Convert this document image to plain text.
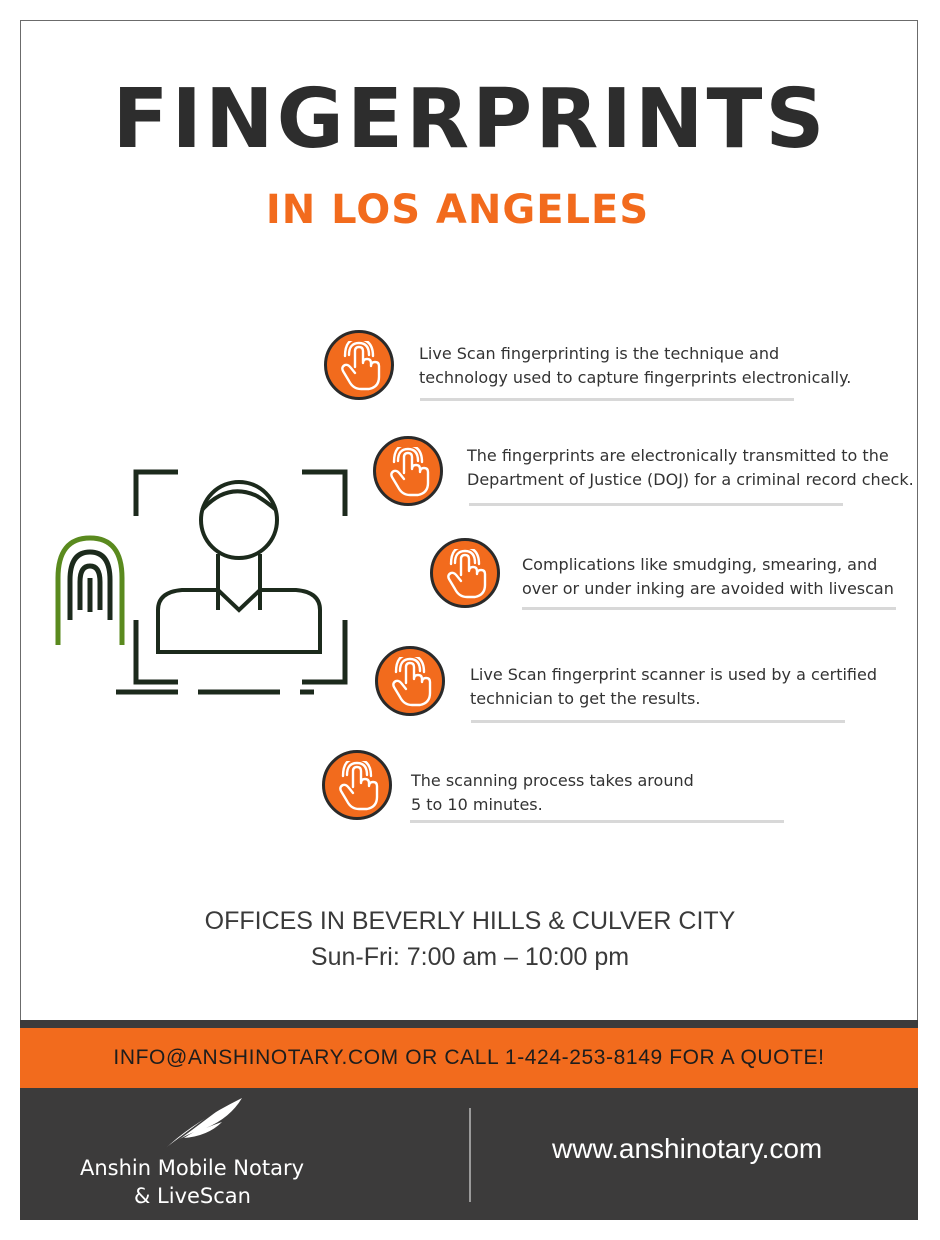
FINGERPRINTS
IN LOS ANGELES
Live Scan fingerprinting is the technique and
technology used to capture fingerprints electronically.
The fingerprints are electronically transmitted to the
Department of Justice (DOJ) for a criminal record check.
Complications like smudging, smearing, and
over or under inking are avoided with livescan
Live Scan fingerprint scanner is used by a certified
technician to get the results.
The scanning process takes around
5 to 10 minutes.
OFFICES IN BEVERLY HILLS & CULVER CITY
Sun-Fri: 7:00 am – 10:00 pm
INFO@ANSHINOTARY.COM OR CALL 1-424-253-8149 FOR A QUOTE!
Anshin Mobile Notary
& LiveScan
www.anshinotary.com
